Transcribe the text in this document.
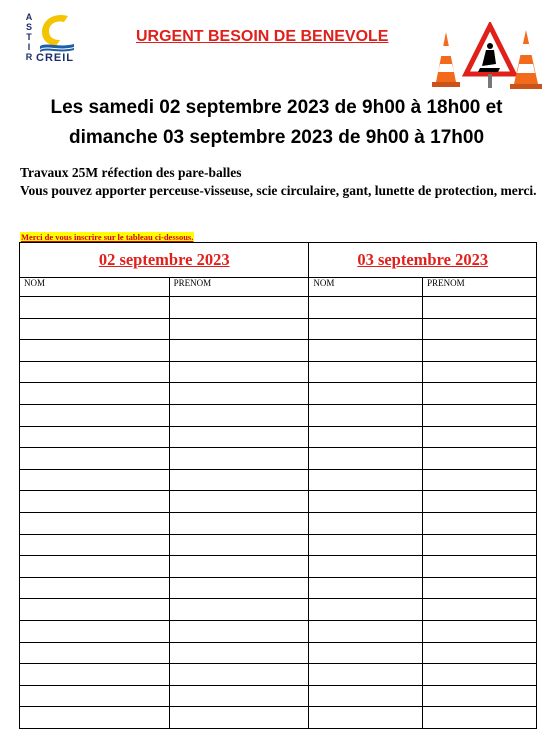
A
S
T
I
R CREIL
URGENT BESOIN DE BENEVOLE
Les samedi 02 septembre 2023 de 9h00 à 18h00 et
dimanche 03 septembre 2023 de 9h00 à 17h00
Travaux 25M réfection des pare-balles
Vous pouvez apporter perceuse-visseuse, scie circulaire, gant, lunette de protection, merci.
Merci de vous inscrire sur le tableau ci-dessous.
02 septembre 2023		03 septembre 2023	
NOM	PRENOM	NOM	PRENOM
